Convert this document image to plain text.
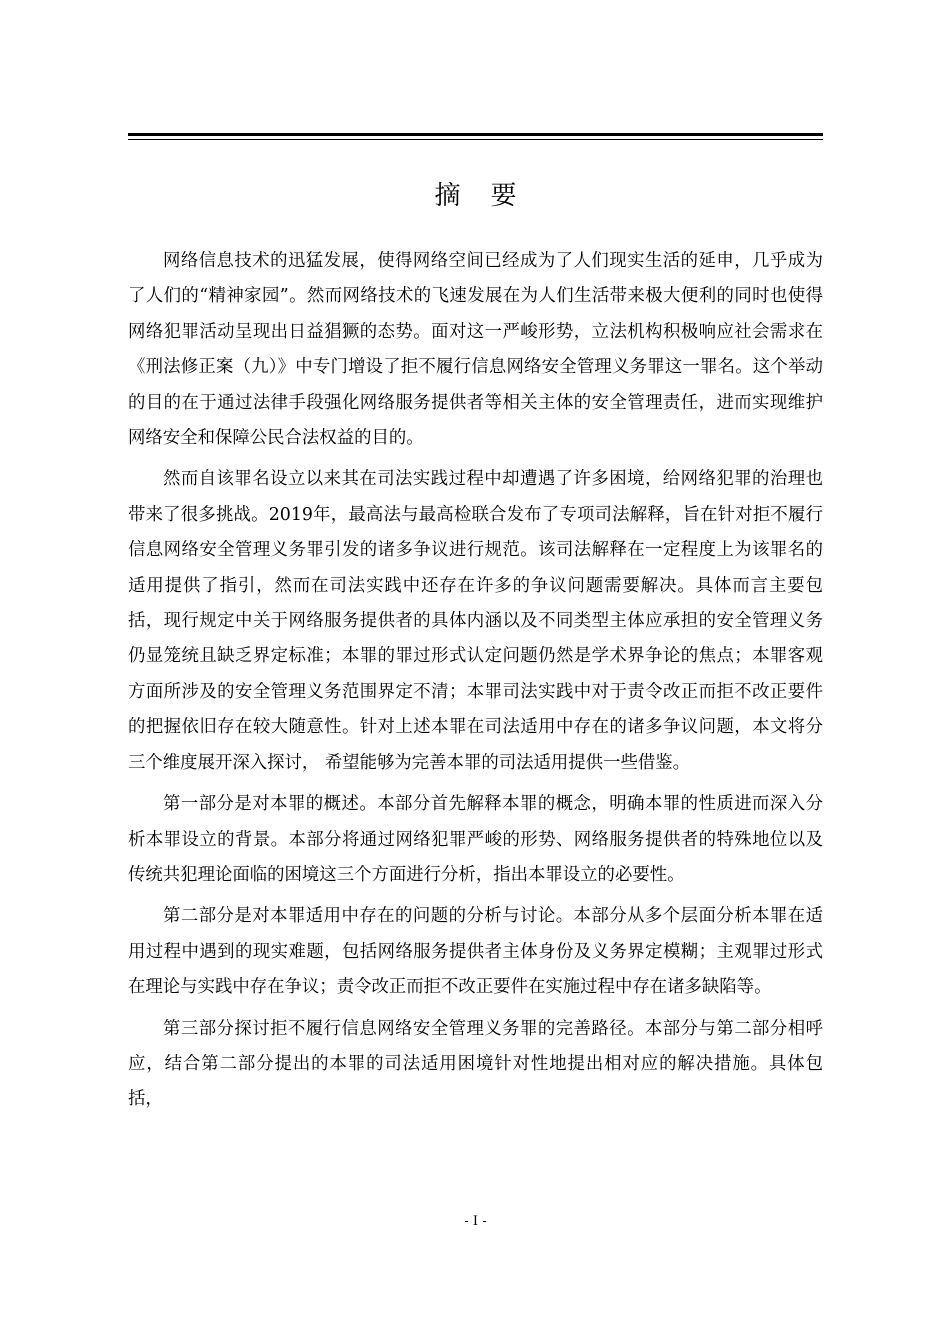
摘要

网络信息技术的迅猛发展，使得网络空间已经成为了人们现实生活的延申，几乎成为了人们的“精神家园”。然而网络技术的飞速发展在为人们生活带来极大便利的同时也使得网络犯罪活动呈现出日益猖獗的态势。面对这一严峻形势，立法机构积极响应社会需求在《刑法修正案（九）》中专门增设了拒不履行信息网络安全管理义务罪这一罪名。这个举动的目的在于通过法律手段强化网络服务提供者等相关主体的安全管理责任，进而实现维护网络安全和保障公民合法权益的目的。

然而自该罪名设立以来其在司法实践过程中却遭遇了许多困境，给网络犯罪的治理也带来了很多挑战。2019年，最高法与最高检联合发布了专项司法解释，旨在针对拒不履行信息网络安全管理义务罪引发的诸多争议进行规范。该司法解释在一定程度上为该罪名的适用提供了指引，然而在司法实践中还存在许多的争议问题需要解决。具体而言主要包括，现行规定中关于网络服务提供者的具体内涵以及不同类型主体应承担的安全管理义务仍显笼统且缺乏界定标准；本罪的罪过形式认定问题仍然是学术界争论的焦点；本罪客观方面所涉及的安全管理义务范围界定不清；本罪司法实践中对于责令改正而拒不改正要件的把握依旧存在较大随意性。针对上述本罪在司法适用中存在的诸多争议问题，本文将分三个维度展开深入探讨， 希望能够为完善本罪的司法适用提供一些借鉴。

第一部分是对本罪的概述。本部分首先解释本罪的概念，明确本罪的性质进而深入分析本罪设立的背景。本部分将通过网络犯罪严峻的形势、网络服务提供者的特殊地位以及传统共犯理论面临的困境这三个方面进行分析，指出本罪设立的必要性。

第二部分是对本罪适用中存在的问题的分析与讨论。本部分从多个层面分析本罪在适用过程中遇到的现实难题，包括网络服务提供者主体身份及义务界定模糊；主观罪过形式在理论与实践中存在争议；责令改正而拒不改正要件在实施过程中存在诸多缺陷等。

第三部分探讨拒不履行信息网络安全管理义务罪的完善路径。本部分与第二部分相呼应，结合第二部分提出的本罪的司法适用困境针对性地提出相对应的解决措施。具体包括，

- I -
